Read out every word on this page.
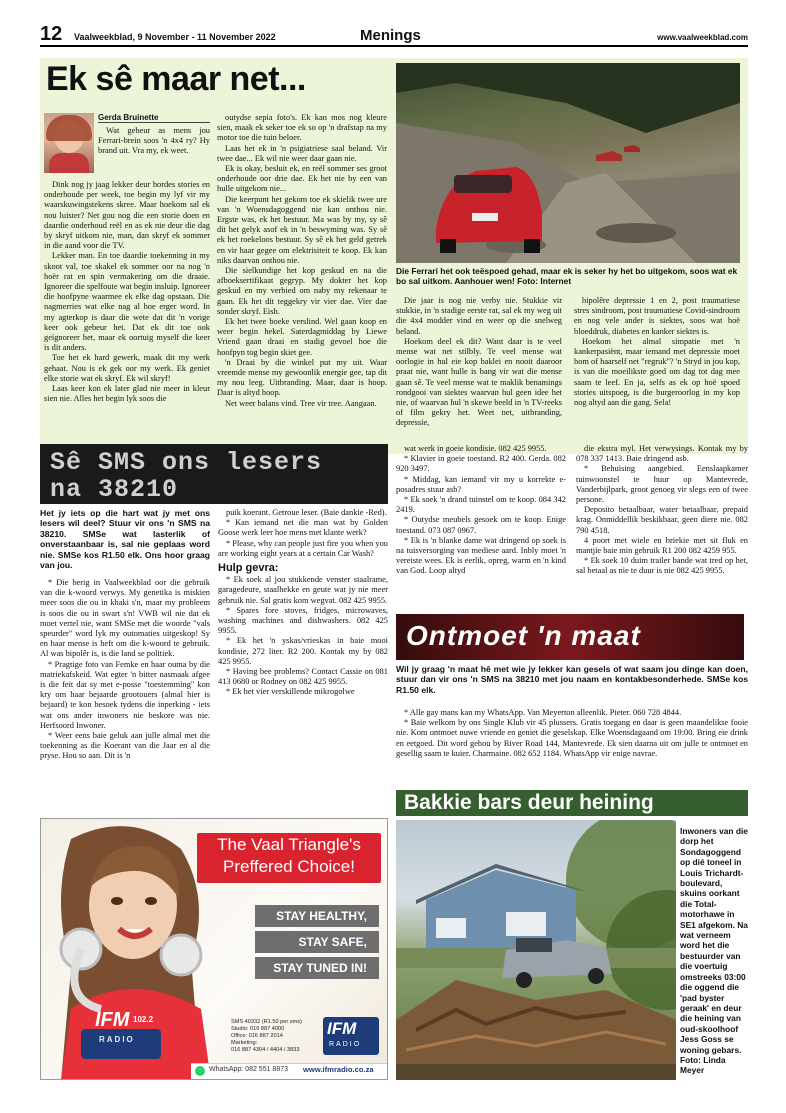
12 Vaalweekblad, 9 November - 11 November 2022	Menings	www.vaalweekblad.com
Ek sê maar net...
Gerda Bruinette

Wat gebeur as mens jou Ferrari-brein soos 'n 4x4 ry? Hy brand uit. Vra my, ek weet.

Dink nog jy jaag lekker deur hordes stories en onderhoude per week, toe begin my lyf vir my waarskuwingstekens skree. Maar hoekom sal ek nou luister? Net gou nog die een storie doen en daardie onderhoud reël en as ek nie deur die dag by skryf uitkom nie, man, dan skryf ek sommer in die aand voor die TV.

Lekker man. En toe daardie toekenning in my skoot val, toe skakel ek sommer oor na nog 'n hoër rat en spin vermakering om die draaie. Ignoreer die spelfoute wat begin insluip. Ignoreer die hoofpyne waarmee ek elke dag opstaan. Die nagmerries wat elke nag al hoe erger word. In my agterkop is daar die wete dat dit 'n vorige keer ook gebeur het. Dat ek dit toe ook geïgnoreer het, maar ek oortuig myself die keer is dit anders.

Toe het ek hard gewerk, maak dit my werk gehaat. Nou is ek gek oor my werk. Ek geniet elke storie wat ek skryf. Ek wil skryf!

Laas keer kon ek later glad nie meer in kleur sien nie. Alles het begin lyk soos die

outydse sepia foto's. Ek kan mos nog kleure sien, maak ek seker toe ek so op 'n drafstap na my motor toe die tuin beloer.

Laas het ek in 'n psigiatriese saal beland. Vir twee dae... Ek wil nie weer daar gaan nie.

Ek is okay, besluit ek, en reël sommer ses groot onderhoude oor drie dae. Ek het nie by een van hulle uitgekom nie...

Die keerpunt het gekom toe ek skielik twee ure van 'n Woensdagoggend nie kan onthou nie. Ergste was, ek het bestuur. Ma was by my, sy sê dit het gelyk asof ek in 'n beswyming was. Sy sê ek het roekeloos bestuur. Sy sê ek het geld getrek en vir haar gegee om elektrisiteit te koop. Ek kan niks daarvan onthou nie.

Die sielkundige het kop geskud en na die afboeksertifikaat gegryp. My dokter het kop geskud en my verbied om naby my rekenaar te gaan. Ek het dit teggekry vir vier dae. Vier dae sonder skryf. Eish.

Ek het twee boeke verslind. Wel gaan koop en weer begin hekel. Saterdagmiddag by Liewe Vriend gaan draai en stadig gevoel hoe die hoofpyn tog begin skiet gee.

'n Draai by die winkel put my uit. Waar vreemde mense my gewoonlik energie gee, tap dit my nou leeg. Uitbranding. Maar, daar is hoop. Daar is altyd hoop.

Net weer balans vind. Tree vir tree. Aangaan.

Die Ferrari het ook teëspoed gehad, maar ek is seker hy het bo uitgekom, soos wat ek bo sal uitkom. Aanhouer wen! Foto: Internet

Die jaar is nog nie verby nie. Stukkie vir stukkie, in 'n stadige eerste rat, sal ek my weg uit die 4x4 modder vind en weer op die snelweg beland.

Hoekom deel ek dit? Want daar is te veel mense wat net stilbly. Te veel mense wat oorlogie in hul eie kop baklei en nooit daaroor praat nie, want hulle is bang vir wat die mense gaan sê. Te veel mense wat te maklik benamings rondgooi van siektes waarvan hul geen idee het nie, of waarvan hul 'n skewe beeld in 'n TV-reeks of film gekry het. Weet net, uitbranding, depressie,

bipolêre depressie 1 en 2, post traumatiese stres sindroom, post traumatiese Covid-sindroom en nog vele ander is siektes, soos wat hoë bloeddruk, diabetes en kanker siektes is.

Hoekom het almal simpatie met 'n kankerpasiënt, maar iemand met depressie moet hom of haarself net "regruk"? 'n Stryd in jou kop, is van die moeilikste goed om dag tot dag mee saam te leef. En ja, selfs as ek op hoë spoed stories uitspoeg, is die burgeroorlog in my kop nog altyd aan die gang. Sela!

Sê SMS ons lesers
na 38210
Het jy iets op die hart wat jy met ons lesers wil deel? Stuur vir ons 'n SMS na 38210. SMSe wat lasterlik of onverstaanbaar is, sal nie geplaas word nie. SMSe kos R1.50 elk. Ons hoor graag van jou.

* Die berig in Vaalweekblad oor die gebruik van die k-woord verwys. My genetika is miskien meer soos die ou in khaki s'n, maar my probleem is soos die ou in swart s'n! VWB wil nie dat ek moet vertel nie, want SMSe met die woorde "vals speurder" word lyk my outomaties uitgeskop! Sy en haar mense is heft om die k-woord te gebruik. Al was bipolêr is, is die land se politiek.

* Pragtige foto van Femke en haar ouma by die matriekafskeid. Wat egter 'n bitter nasmaak afgee is die feit dat sy met e-posse "toestemming" kon kry om haar bejaarde grootouers (almal hier is bejaard) te kon besoek tydens die inperking - iets wat ons ander inwoners nie beskore was nie. Herfsoord Inwoner.

* Weer eens baie geluk aan julle almal met die toekenning as die Koerant van die Jaar en al die pryse. Hou so aan. Dit is 'n

puik koerant. Getroue leser. (Baie dankie -Red).

* Kan iemand net die man wat by Golden Goose werk leer hoe mens met klante werk?

* Please, why can people just fire you when you are working eight years at a certain Car Wash?

Hulp gevra:

* Ek soek al jou stukkende venster staalrame, garagedeure, staalhekke en geute wat jy nie meer gebruik nie. Sal gratis kom wegvat. 082 425 9955.

* Spares fore stoves, fridges, microwaves, washing machines and dishwashers. 082 425 9955.

* Ek het 'n yskas/vrieskas in baie mooi kondisie, 272 liter. R2 200. Kontak my by 082 425 9955.

* Having bee problems? Contact Cassie on 081 413 0680 or Rodney on 082 425 9955.

* Ek het vier verskillende mikrogolwe

wat werk in goeie kondisie. 082 425 9955.

* Klavier in goeie toestand. R2 400. Gerda. 082 920 3497.

* Middag, kan iemand vir my u korrekte e-posadres stuur asb?

* Ek soek 'n drand tuinstel om te koop. 084 342 2419.

* Outydse meubels gesoek om te koop. Enige toestand. 073 087 0967.

* Ek is 'n blanke dame wat dringend op soek is na tuisversorging van mediese aard. Inbly moet 'n vereiste wees. Ek is eerlik, opreg, warm en 'n kind van God. Loop altyd

die ekstra myl. Het verwysings. Kontak my by 078 337 1413. Baie dringend asb.

* Behuising aangebied. Eenslaapkamer tuinwoonstel te huur op Mantevrede, Vanderbijlpark, groot genoeg vir slegs een of twee persone.

Deposito betaalbaar, water betaalbaar, prepaid krag. Onmiddellik beskikbaar, geen diere nie. 082 790 4518.

4 poort met wiele en briekie met sit fluk en mantjie baie min gebruik R1 200 082 4259 955.

* Ek soek 10 duim trailer bande wat tred op het, sal betaal as nie te duur is nie 082 425 9955.

Ontmoet 'n maat
Wil jy graag 'n maat hê met wie jy lekker kan gesels of wat saam jou dinge kan doen, stuur dan vir ons 'n SMS na 38210 met jou naam en kontakbesonderhede. SMSe kos R1.50 elk.

* Alle gay mans kan my WhatsApp. Van Meyerton alleenlik. Pieter. 060 728 4844.

* Baie welkom by ons Single Klub vir 45 plussers. Gratis toegang en daar is geen maandelikse fooie nie. Kom ontmoet nuwe vriende en geniet die geselskap. Elke Woensdagaand om 19:00. Bring eie drink en eetgoed. Dit word gehou by River Road 144, Mantevrede. Ek sien daarna uit om julle te ontmoet en gesellig saam te kuier. Charmaine. 082 652 1184. WhatsApp vir enige navrae.

Bakkie bars deur heining
Inwoners van die dorp het Sondagoggend op dié toneel in Louis Trichardt-boulevard, skuins oorkant die Total-motorhawe in SE1 afgekom. Na wat verneem word het die bestuurder van die voertuig omstreeks 03:00 die oggend die 'pad byster geraak' en deur die heining van oud-skoolhoof Jess Goss se woning gebars. Foto: Linda Meyer
The Vaal Triangle's
Preffered Choice!
STAY HEALTHY,
STAY SAFE,
STAY TUNED IN!
IFM 102.2
RADIO
SMS 40332 (R1.50 per sms)
Studio: 016 887 4000
Office: 016 887 2014
Marketing:
016 887 4304 / 4404 / 3833
IFM
RADIO
WhatsApp: 082 551 8873 www.ifmradio.co.za
